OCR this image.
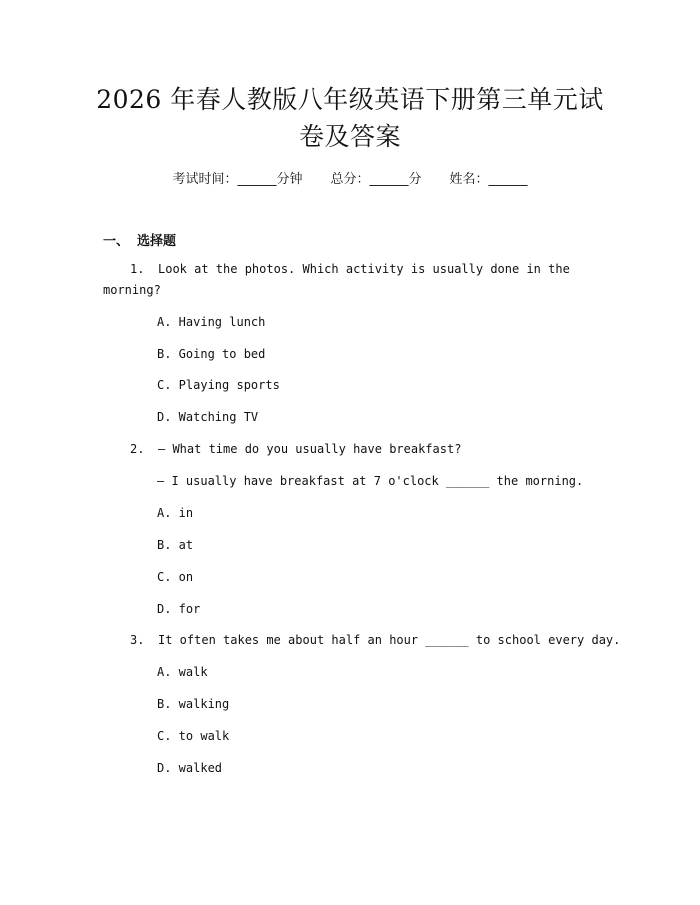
2026 年春人教版八年级英语下册第三单元试
卷及答案
考试时间：______分钟 总分：______分 姓名：______
一、 选择题
1. Look at the photos. Which activity is usually done in the
morning?
A. Having lunch
B. Going to bed
C. Playing sports
D. Watching TV
2. — What time do you usually have breakfast?
— I usually have breakfast at 7 o'clock ______ the morning.
A. in
B. at
C. on
D. for
3. It often takes me about half an hour ______ to school every day.
A. walk
B. walking
C. to walk
D. walked
